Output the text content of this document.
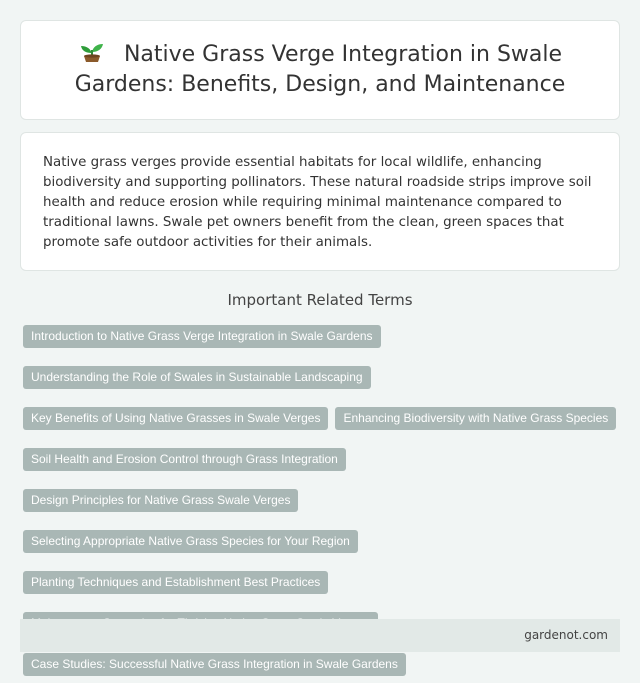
Native Grass Verge Integration in Swale Gardens: Benefits, Design, and Maintenance

Native grass verges provide essential habitats for local wildlife, enhancing biodiversity and supporting pollinators. These natural roadside strips improve soil health and reduce erosion while requiring minimal maintenance compared to traditional lawns. Swale pet owners benefit from the clean, green spaces that promote safe outdoor activities for their animals.

Important Related Terms
Introduction to Native Grass Verge Integration in Swale Gardens
Understanding the Role of Swales in Sustainable Landscaping
Key Benefits of Using Native Grasses in Swale Verges	Enhancing Biodiversity with Native Grass Species
Soil Health and Erosion Control through Grass Integration
Design Principles for Native Grass Swale Verges
Selecting Appropriate Native Grass Species for Your Region
Planting Techniques and Establishment Best Practices
Case Studies: Successful Native Grass Integration in Swale Gardens
gardenot.com
